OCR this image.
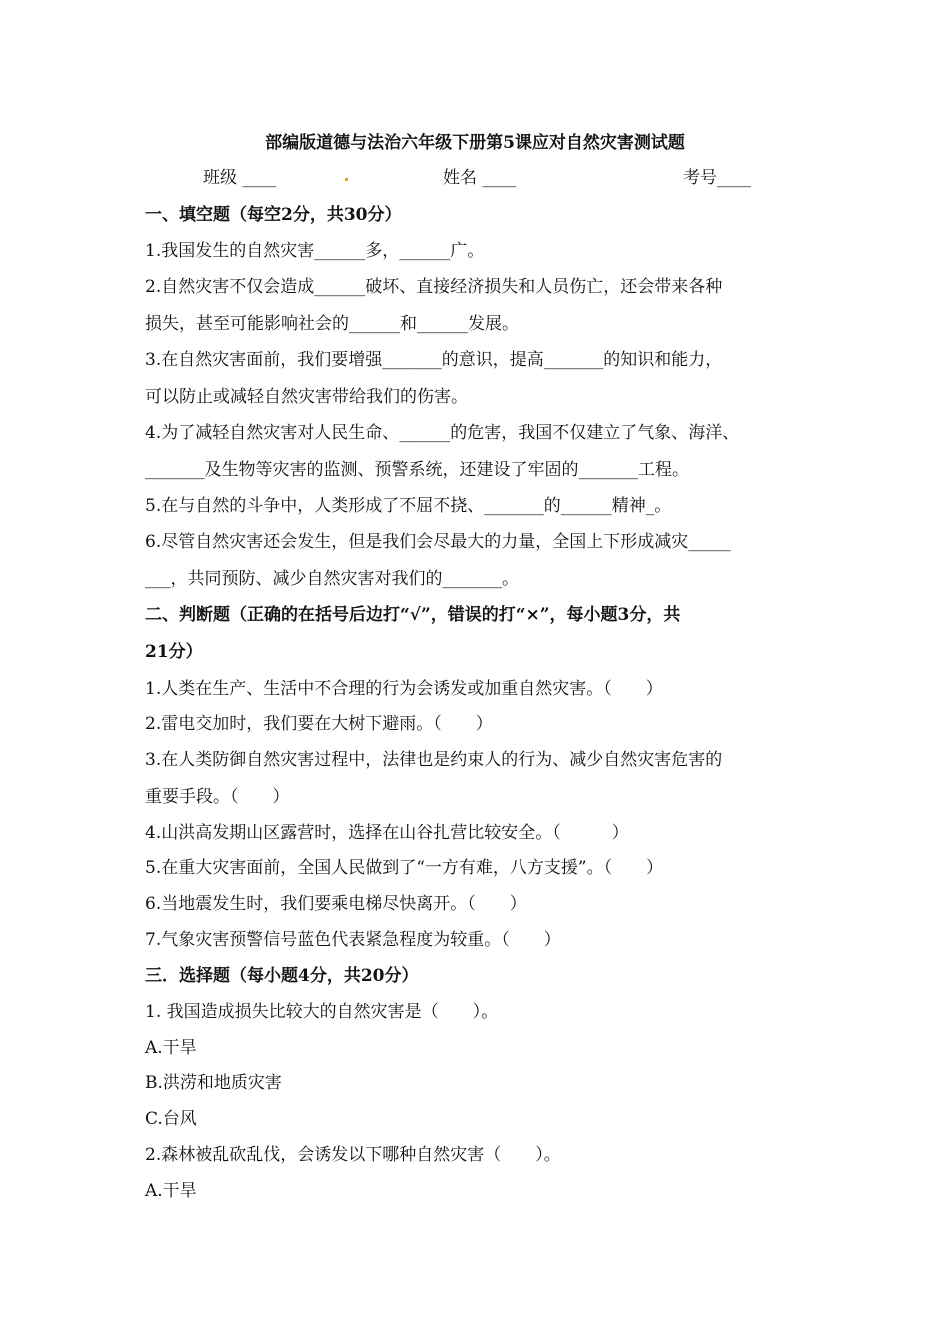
部编版道德与法治六年级下册第5课应对自然灾害测试题
班级 ____	姓名 ____	考号____
一、填空题（每空2分，共30分）
1.我国发生的自然灾害______多，______广。
2.自然灾害不仅会造成______破坏、直接经济损失和人员伤亡，还会带来各种
损失，甚至可能影响社会的______和______发展。
3.在自然灾害面前，我们要增强_______的意识，提高_______的知识和能力，
可以防止或减轻自然灾害带给我们的伤害。
4.为了减轻自然灾害对人民生命、______的危害，我国不仅建立了气象、海洋、
_______及生物等灾害的监测、预警系统，还建设了牢固的_______工程。
5.在与自然的斗争中，人类形成了不屈不挠、_______的______精神_。
6.尽管自然灾害还会发生，但是我们会尽最大的力量，全国上下形成减灾_____
___，共同预防、减少自然灾害对我们的_______。
二、判断题（正确的在括号后边打“√”，错误的打“×”，每小题3分，共
21分）
1.人类在生产、生活中不合理的行为会诱发或加重自然灾害。（　　）
2.雷电交加时，我们要在大树下避雨。（　　）
3.在人类防御自然灾害过程中，法律也是约束人的行为、减少自然灾害危害的
重要手段。（　　）
4.山洪高发期山区露营时，选择在山谷扎营比较安全。（　　　）
5.在重大灾害面前，全国人民做到了“一方有难，八方支援”。（　　）
6.当地震发生时，我们要乘电梯尽快离开。（　　）
7.气象灾害预警信号蓝色代表紧急程度为较重。（　　）
三．选择题（每小题4分，共20分）
1. 我国造成损失比较大的自然灾害是（　　）。
A.干旱
B.洪涝和地质灾害
C.台风
2.森林被乱砍乱伐，会诱发以下哪种自然灾害（　　）。
A.干旱
